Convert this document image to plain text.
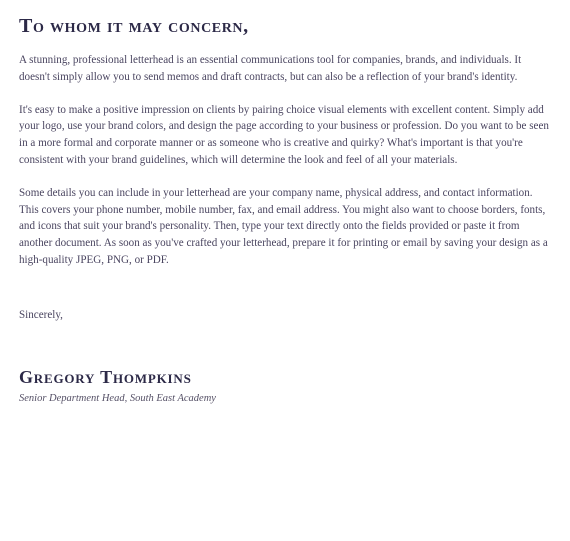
To whom it may concern,

A stunning, professional letterhead is an essential communications tool for companies, brands, and individuals. It doesn't simply allow you to send memos and draft contracts, but can also be a reflection of your brand's identity.

It's easy to make a positive impression on clients by pairing choice visual elements with excellent content. Simply add your logo, use your brand colors, and design the page according to your business or profession. Do you want to be seen in a more formal and corporate manner or as someone who is creative and quirky? What's important is that you're consistent with your brand guidelines, which will determine the look and feel of all your materials.

Some details you can include in your letterhead are your company name, physical address, and contact information. This covers your phone number, mobile number, fax, and email address. You might also want to choose borders, fonts, and icons that suit your brand's personality. Then, type your text directly onto the fields provided or paste it from another document. As soon as you've crafted your letterhead, prepare it for printing or email by saving your design as a high-quality JPEG, PNG, or PDF.

Sincerely,

Gregory Thompkins
Senior Department Head, South East Academy
